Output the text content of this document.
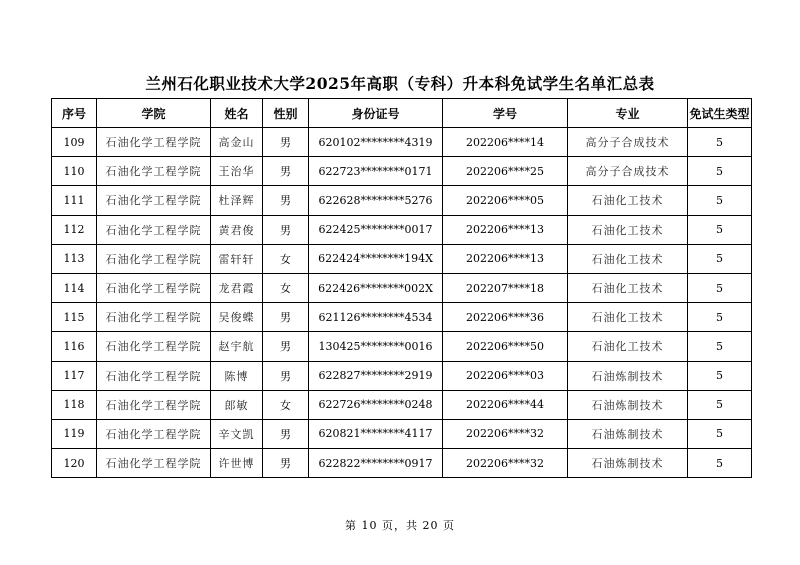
兰州石化职业技术大学2025年高职（专科）升本科免试学生名单汇总表
序号	学院	姓名	性别	身份证号	学号	专业	免试生类型
109	石油化学工程学院	高金山	男	620102********4319	202206****14	高分子合成技术	5
110	石油化学工程学院	王治华	男	622723********0171	202206****25	高分子合成技术	5
111	石油化学工程学院	杜泽辉	男	622628********5276	202206****05	石油化工技术	5
112	石油化学工程学院	黄君俊	男	622425********0017	202206****13	石油化工技术	5
113	石油化学工程学院	雷轩轩	女	622424********194X	202206****13	石油化工技术	5
114	石油化学工程学院	龙君霞	女	622426********002X	202207****18	石油化工技术	5
115	石油化学工程学院	吴俊蝶	男	621126********4534	202206****36	石油化工技术	5
116	石油化学工程学院	赵宇航	男	130425********0016	202206****50	石油化工技术	5
117	石油化学工程学院	陈博	男	622827********2919	202206****03	石油炼制技术	5
118	石油化学工程学院	郎敏	女	622726********0248	202206****44	石油炼制技术	5
119	石油化学工程学院	辛文凯	男	620821********4117	202206****32	石油炼制技术	5
120	石油化学工程学院	许世博	男	622822********0917	202206****32	石油炼制技术	5
第 10 页，共 20 页
